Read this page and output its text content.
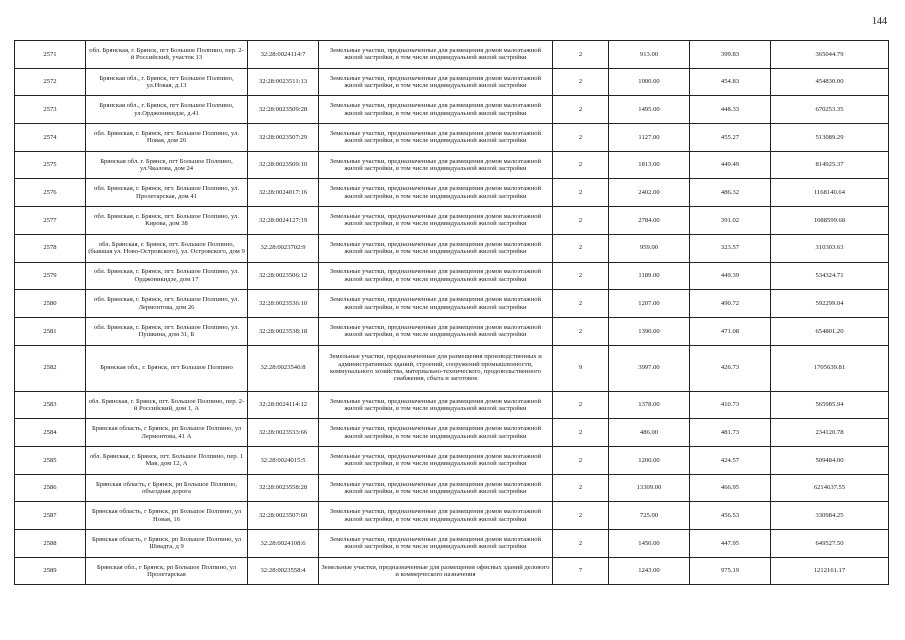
144
2571	обл. Брянская, г. Брянск, пгт Большое Полпино, пер. 2-й Российский, участок 13	32:28:0024114:7	Земельные участки, предназначенные для размещения домов малоэтажной жилой застройки, в том числе индивидуальной жилой застройки	2	913.00	399.83	365044.79
2572	Брянская обл., г. Брянск, пгт Большое Полпино, ул.Новая, д.13	32:28:0023511:13	Земельные участки, предназначенные для размещения домов малоэтажной жилой застройки, в том числе индивидуальной жилой застройки	2	1000.00	454.83	454830.00
2573	Брянская обл., г. Брянск, пгт Большое Полпино, ул.Орджоникидзе, д.41	32:28:0023509:28	Земельные участки, предназначенные для размещения домов малоэтажной жилой застройки, в том числе индивидуальной жилой застройки	2	1495.00	448.33	670253.35
2574	обл. Брянская, г. Брянск, пгт. Большое Полпино, ул. Новая, дом 26	32:28:0023507:29	Земельные участки, предназначенные для размещения домов малоэтажной жилой застройки, в том числе индивидуальной жилой застройки	2	1127.00	455.27	513089.29
2575	Брянская обл. г. Брянск, пгт Большое Полпино, ул.Чкалова, дом 24	32:28:0023509:10	Земельные участки, предназначенные для размещения домов малоэтажной жилой застройки, в том числе индивидуальной жилой застройки	2	1813.00	449.49	814925.37
2576	обл. Брянская, г. Брянск, пгт. Большое Полпино, ул. Пролетарская, дом 41	32:28:0024017:16	Земельные участки, предназначенные для размещения домов малоэтажной жилой застройки, в том числе индивидуальной жилой застройки	2	2402.00	486.32	1168140.64
2577	обл. Брянская, г. Брянск, пгт. Большое Полпино, ул. Кирова, дом 38	32:28:0024127:19	Земельные участки, предназначенные для размещения домов малоэтажной жилой застройки, в том числе индивидуальной жилой застройки	2	2784.00	391.02	1088599.68
2578	обл. Брянская, г. Брянск, пгт. Большое Полпино, (бывшая ул. Ново-Островского), ул. Островского, дом 9	32:28:0023702:9	Земельные участки, предназначенные для размещения домов малоэтажной жилой застройки, в том числе индивидуальной жилой застройки	2	959.00	323.57	310303.63
2579	обл. Брянская, г. Брянск, пгт. Большое Полпино, ул. Орджоникидзе, дом 17	32:28:0023506:12	Земельные участки, предназначенные для размещения домов малоэтажной жилой застройки, в том числе индивидуальной жилой застройки	2	1189.00	449.39	534324.71
2580	обл. Брянская, г. Брянск, пгт. Большое Полпино, ул. Лермонтова, дом 26	32:28:0023536:10	Земельные участки, предназначенные для размещения домов малоэтажной жилой застройки, в том числе индивидуальной жилой застройки	2	1207.00	490.72	592299.04
2581	обл. Брянская, г. Брянск, пгт. Большое Полпино, ул. Пушкина, дом 31, Б	32:28:0023538:18	Земельные участки, предназначенные для размещения домов малоэтажной жилой застройки, в том числе индивидуальной жилой застройки	2	1390.00	471.08	654801.20
2582	Брянская обл., г. Брянск, пгт Большое Полпино	32:28:0023546:8	Земельные участки, предназначенные для размещения производственных и административных зданий, строений, сооружений промышленности, коммунального хозяйства, материально-технического, продовольственного снабжения, сбыта и заготовок	9	3997.00	426.73	1705639.81
2583	обл. Брянская, г. Брянск, пгт. Большое Полпино, пер. 2-й Российский, дом 1, А	32:28:0024114:12	Земельные участки, предназначенные для размещения домов малоэтажной жилой застройки, в том числе индивидуальной жилой застройки	2	1378.00	410.73	565985.94
2584	Брянская область, г Брянск, рп Большое Полпино, ул Лермонтова, 41 А	32:28:0023533:66	Земельные участки, предназначенные для размещения домов малоэтажной жилой застройки, в том числе индивидуальной жилой застройки	2	486.00	481.73	234120.78
2585	обл. Брянская, г. Брянск, пгт. Большое Полпино, пер. 1 Мая, дом 12, А	32:28:0024015:5	Земельные участки, предназначенные для размещения домов малоэтажной жилой застройки, в том числе индивидуальной жилой застройки	2	1200.00	424.57	509484.00
2586	Брянская область, г Брянск, рп Большое Полпино, объездная дорога	32:28:0023558:28	Земельные участки, предназначенные для размещения домов малоэтажной жилой застройки, в том числе индивидуальной жилой застройки	2	13309.00	466.95	6214637.55
2587	Брянская область, г Брянск, рп Большое Полпино, ул Новая, 16	32:28:0023507:60	Земельные участки, предназначенные для размещения домов малоэтажной жилой застройки, в том числе индивидуальной жилой застройки	2	725.00	456.53	330984.25
2588	Брянская область, г Брянск, рп Большое Полпино, ул Шмадта, д 9	32:28:0024108:6	Земельные участки, предназначенные для размещения домов малоэтажной жилой застройки, в том числе индивидуальной жилой застройки	2	1450.00	447.95	649527.50
2589	Брянская обл., г Брянск, рп Большое Полпино, ул Пролетарская	32:28:0023558:4	Земельные участки, предназначенные для размещения офисных зданий делового и коммерческого назначения	7	1243.00	975.19	1212161.17
